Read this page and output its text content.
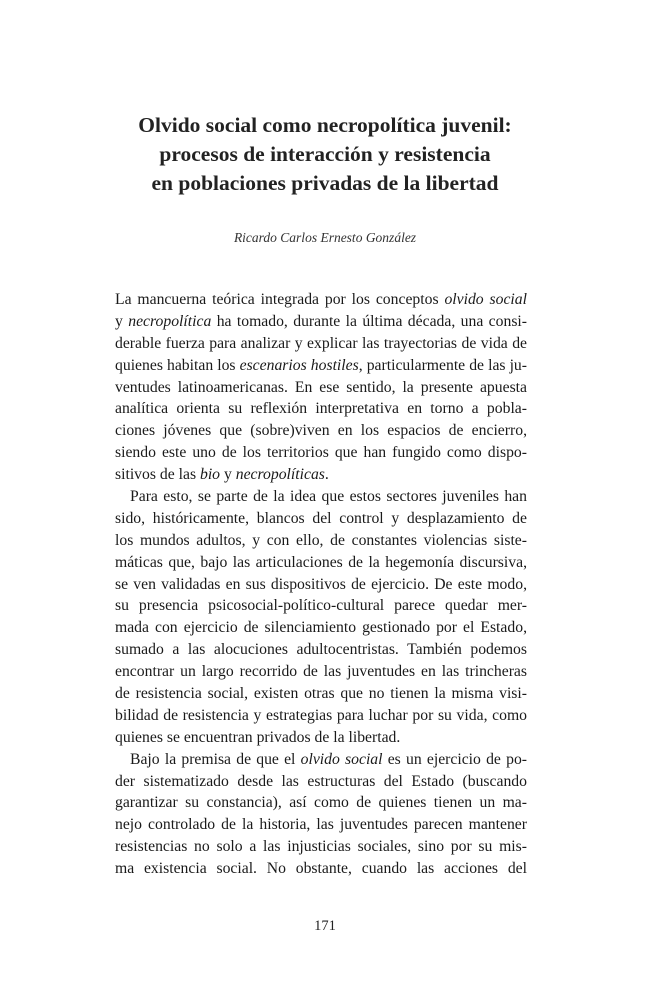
Olvido social como necropolítica juvenil:
procesos de interacción y resistencia
en poblaciones privadas de la libertad
Ricardo Carlos Ernesto González
La mancuerna teórica integrada por los conceptos olvido social
y necropolítica ha tomado, durante la última década, una consi-
derable fuerza para analizar y explicar las trayectorias de vida de
quienes habitan los escenarios hostiles, particularmente de las ju-
ventudes latinoamericanas. En ese sentido, la presente apuesta
analítica orienta su reflexión interpretativa en torno a pobla-
ciones jóvenes que (sobre)viven en los espacios de encierro,
siendo este uno de los territorios que han fungido como dispo-
sitivos de las bio y necropolíticas.
Para esto, se parte de la idea que estos sectores juveniles han
sido, históricamente, blancos del control y desplazamiento de
los mundos adultos, y con ello, de constantes violencias siste-
máticas que, bajo las articulaciones de la hegemonía discursiva,
se ven validadas en sus dispositivos de ejercicio. De este modo,
su presencia psicosocial-político-cultural parece quedar mer-
mada con ejercicio de silenciamiento gestionado por el Estado,
sumado a las alocuciones adultocentristas. También podemos
encontrar un largo recorrido de las juventudes en las trincheras
de resistencia social, existen otras que no tienen la misma visi-
bilidad de resistencia y estrategias para luchar por su vida, como
quienes se encuentran privados de la libertad.
Bajo la premisa de que el olvido social es un ejercicio de po-
der sistematizado desde las estructuras del Estado (buscando
garantizar su constancia), así como de quienes tienen un ma-
nejo controlado de la historia, las juventudes parecen mantener
resistencias no solo a las injusticias sociales, sino por su mis-
ma existencia social. No obstante, cuando las acciones del
171
